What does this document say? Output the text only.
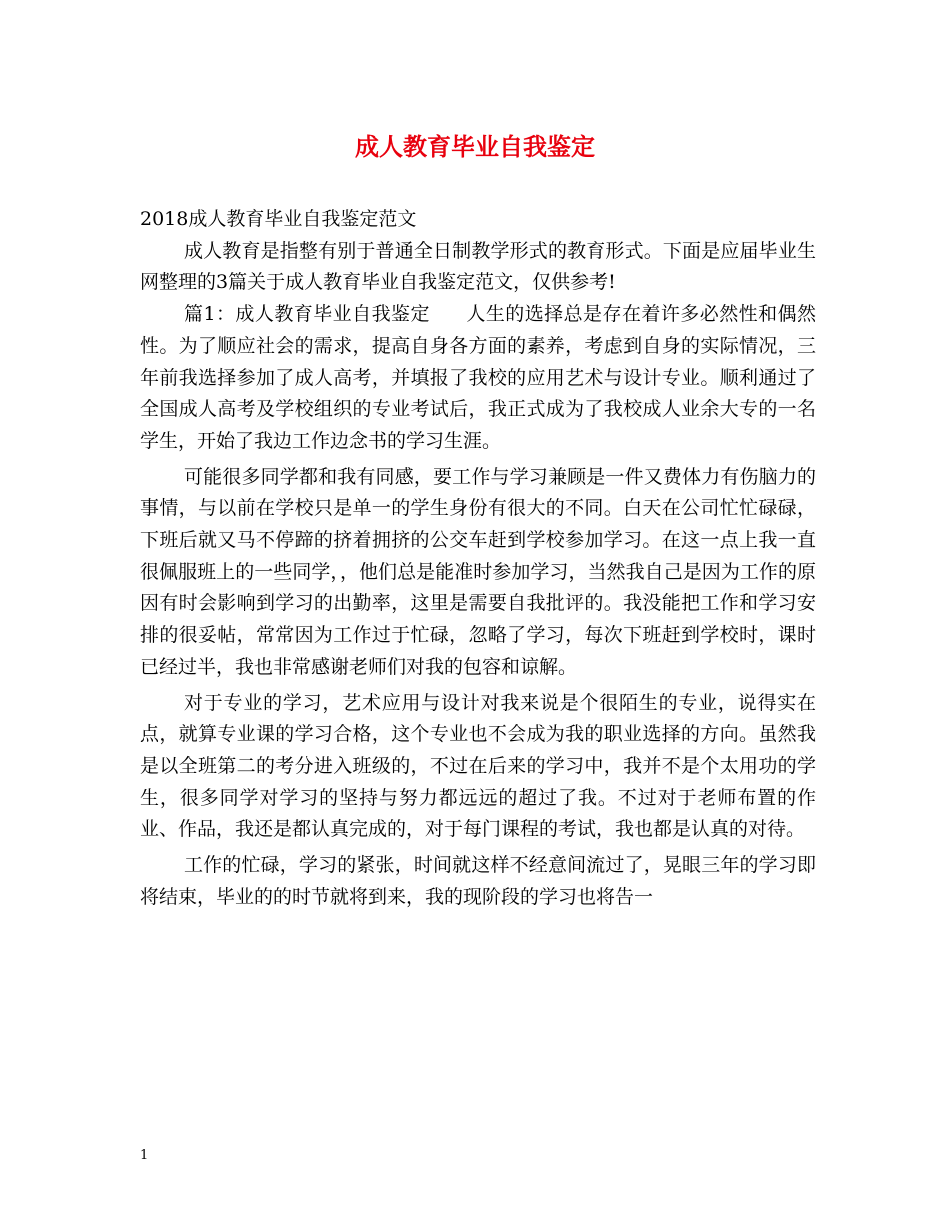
成人教育毕业自我鉴定

2018成人教育毕业自我鉴定范文

成人教育是指整有别于普通全日制教学形式的教育形式。下面是应届毕业生网整理的3篇关于成人教育毕业自我鉴定范文，仅供参考!

篇1：成人教育毕业自我鉴定 人生的选择总是存在着许多必然性和偶然性。为了顺应社会的需求，提高自身各方面的素养，考虑到自身的实际情况，三年前我选择参加了成人高考，并填报了我校的应用艺术与设计专业。顺利通过了全国成人高考及学校组织的专业考试后，我正式成为了我校成人业余大专的一名学生，开始了我边工作边念书的学习生涯。

可能很多同学都和我有同感，要工作与学习兼顾是一件又费体力有伤脑力的事情，与以前在学校只是单一的学生身份有很大的不同。白天在公司忙忙碌碌，下班后就又马不停蹄的挤着拥挤的公交车赶到学校参加学习。在这一点上我一直很佩服班上的一些同学，，他们总是能准时参加学习，当然我自己是因为工作的原因有时会影响到学习的出勤率，这里是需要自我批评的。我没能把工作和学习安排的很妥帖，常常因为工作过于忙碌，忽略了学习，每次下班赶到学校时，课时已经过半，我也非常感谢老师们对我的包容和谅解。

对于专业的学习，艺术应用与设计对我来说是个很陌生的专业，说得实在点，就算专业课的学习合格，这个专业也不会成为我的职业选择的方向。虽然我是以全班第二的考分进入班级的，不过在后来的学习中，我并不是个太用功的学生，很多同学对学习的坚持与努力都远远的超过了我。不过对于老师布置的作业、作品，我还是都认真完成的，对于每门课程的考试，我也都是认真的对待。

工作的忙碌，学习的紧张，时间就这样不经意间流过了，晃眼三年的学习即将结束，毕业的的时节就将到来，我的现阶段的学习也将告一

1
